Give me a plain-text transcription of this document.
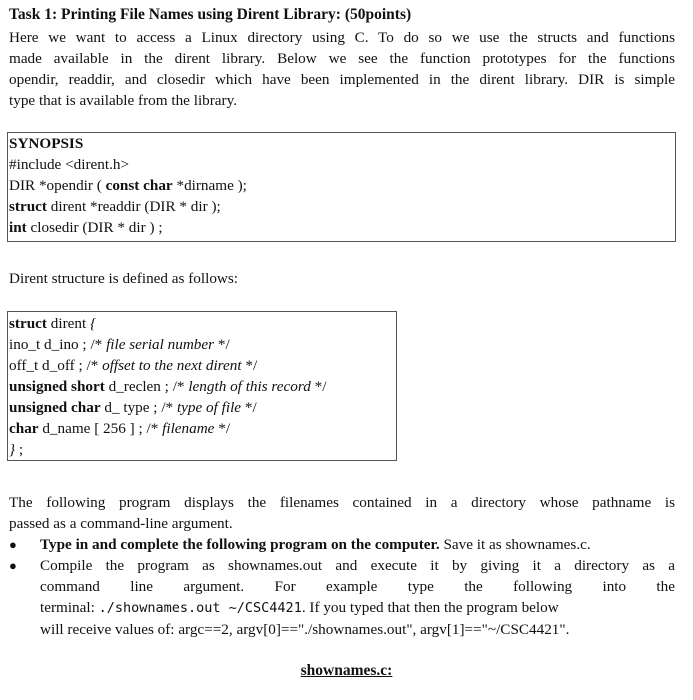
Task 1: Printing File Names using Dirent Library: (50points)
Here we want to access a Linux directory using C. To do so we use the structs and functions
made available in the dirent library. Below we see the function prototypes for the functions
opendir, readdir, and closedir which have been implemented in the dirent library. DIR is simple
type that is available from the library.
SYNOPSIS
#include <dirent.h>
DIR *opendir ( const char *dirname );
struct dirent *readdir (DIR * dir );
int closedir (DIR * dir ) ;
Dirent structure is defined as follows:
struct dirent {
ino_t d_ino ; /* file serial number */
off_t d_off ; /* offset to the next dirent */
unsigned short d_reclen ; /* length of this record */
unsigned char d_ type ; /* type of file */
char d_name [ 256 ] ; /* filename */
} ;
The following program displays the filenames contained in a directory whose pathname is
passed as a command-line argument.
● Type in and complete the following program on the computer. Save it as shownames.c.
● Compile the program as shownames.out and execute it by giving it a directory as a
command line argument. For example type the following into the
terminal: ./shownames.out ~/CSC4421. If you typed that then the program below
will receive values of: argc==2, argv[0]=="./shownames.out", argv[1]=="~/CSC4421".
shownames.c:
